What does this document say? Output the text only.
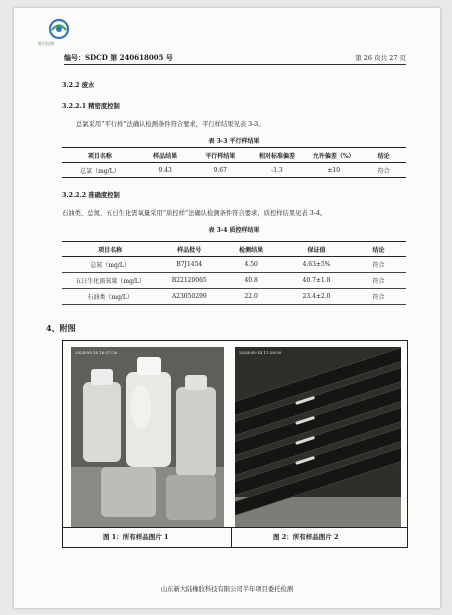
维信检测
编号：SDCD 第 240618005 号	第 26 页共 27 页
3.2.2 废水
3.2.2.1 精密度控制
总氯采用“平行样”法确认检测条件符合要求，平行样结果见表 3-3。
表 3-3 平行样结果
项目名称	样品结果	平行样结果	相对标准偏差	允许偏差（%）	结论
总氯（mg/L）	9.43	9.67	-1.3	±10	符合
3.2.2.2 准确度控制
石油类、总氮、五日生化需氧量采用“质控样”法确认检测条件符合要求，质控样结果见表 3-4。
表 3-4 质控样结果
项目名称	样品批号	检测结果	保证值	结论
总氮（mg/L）	B7J1454	4.50	4.63±5%	符合
五日生化需氧量（mg/L）	B22120065	40.8	40.7±1.8	符合
石油类（mg/L）	A23050299	22.0	23.4±2.0	符合
4、附图
2024-05-14 16:37:26	2024-05-14 17:28:50
图 1：所有样品图片 1	图 2：所有样品图片 2
山东新大陆橡胶科技有限公司半年项目委托检测
